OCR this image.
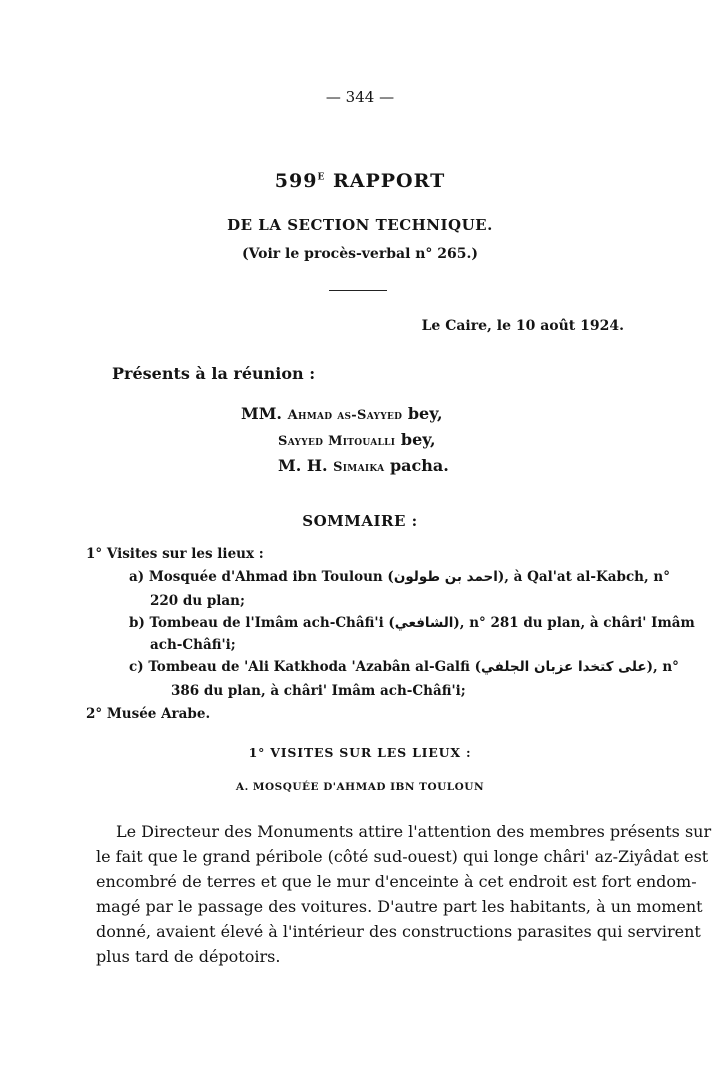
— 344 —
$599^E$ RAPPORT
DE LA SECTION TECHNIQUE.
(Voir le procès-verbal n° 265.)
Le Caire, le 10 août 1924.
Présents à la réunion :
MM. Ahmad as-Sayyed bey,
Sayyed Mitoualli bey,
M. H. Simaika pacha.
SOMMAIRE :
1° Visites sur les lieux :
a) Mosquée d'Ahmad ibn Touloun (احمد بن طولون), à Qal'at al-Kabch, n°
220 du plan;
b) Tombeau de l'Imâm ach-Châfi'i (الشافعي), n° 281 du plan, à châri' Imâm
ach-Châfi'i;
c) Tombeau de 'Ali Katkhoda 'Azabân al-Galfi (على كتخدا عزبان الجلفي), n°
386 du plan, à châri' Imâm ach-Châfi'i;
2° Musée Arabe.
1° VISITES SUR LES LIEUX :
A. MOSQUÉE D'AHMAD IBN TOULOUN
Le Directeur des Monuments attire l'attention des membres présents sur
le fait que le grand péribole (côté sud-ouest) qui longe châri' az-Ziyâdat est
encombré de terres et que le mur d'enceinte à cet endroit est fort endom-
magé par le passage des voitures. D'autre part les habitants, à un moment
donné, avaient élevé à l'intérieur des constructions parasites qui servirent
plus tard de dépotoirs.
